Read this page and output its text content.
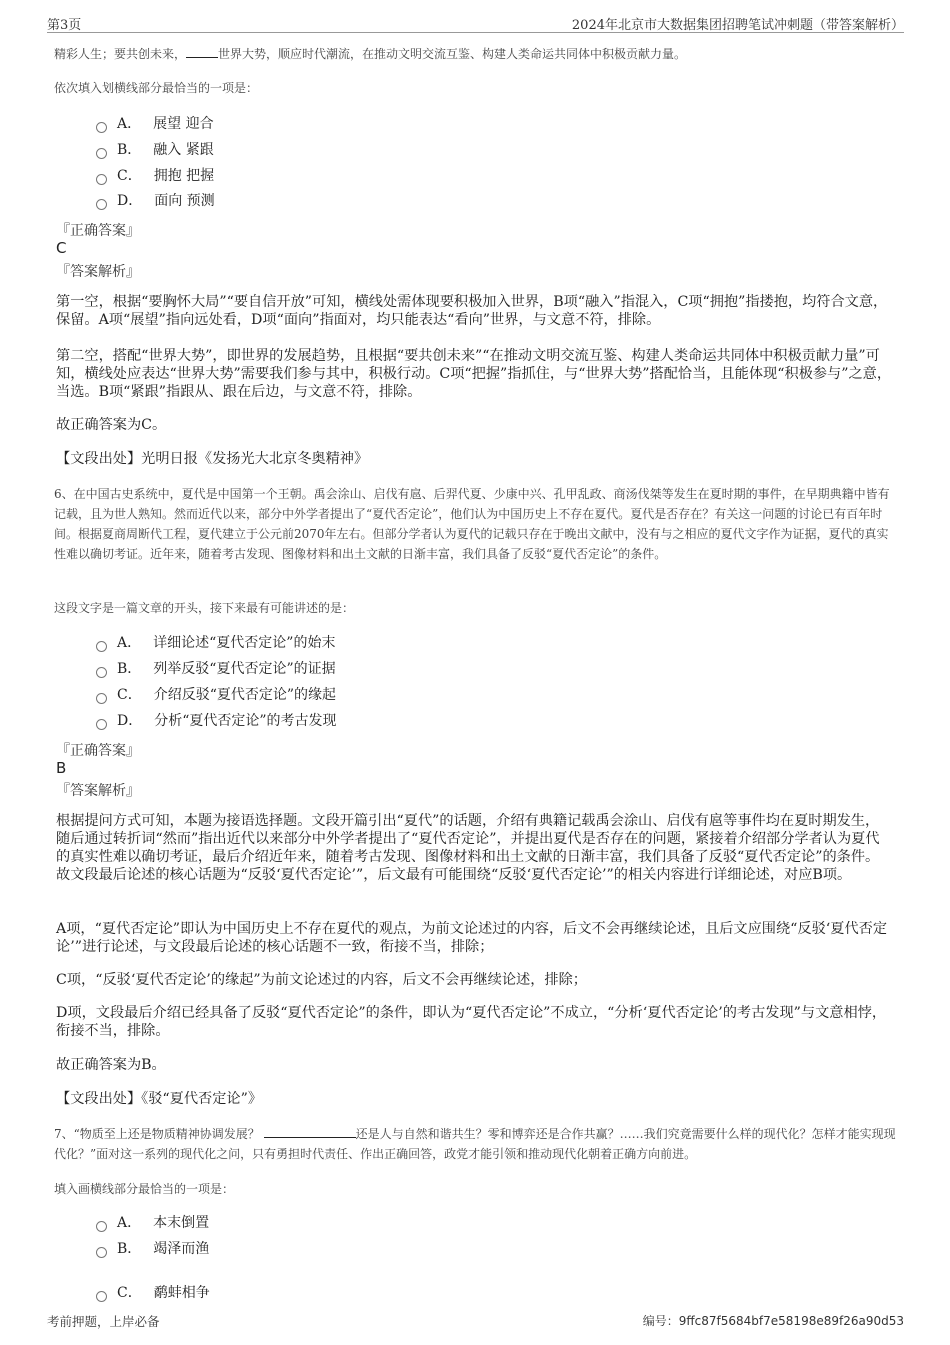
第3页	2024年北京市大数据集团招聘笔试冲刺题（带答案解析）
精彩人生；要共创未来，	世界大势，顺应时代潮流，在推动文明交流互鉴、构建人类命运共同体中积极贡献力量。
依次填入划横线部分最恰当的一项是：
A． 展望 迎合
B． 融入 紧跟
C． 拥抱 把握
D． 面向 预测
『正确答案』
C
『答案解析』
第一空，根据“要胸怀大局”“要自信开放”可知，横线处需体现要积极加入世界，B项“融入”指混入，C项“拥抱”指搂抱，均符合文意，保留。A项“展望”指向远处看，D项“面向”指面对，均只能表达“看向”世界，与文意不符，排除。
第二空，搭配“世界大势”，即世界的发展趋势，且根据“要共创未来”“在推动文明交流互鉴、构建人类命运共同体中积极贡献力量”可知，横线处应表达“世界大势”需要我们参与其中，积极行动。C项“把握”指抓住，与“世界大势”搭配恰当，且能体现“积极参与”之意，当选。B项“紧跟”指跟从、跟在后边，与文意不符，排除。
故正确答案为C。
【文段出处】光明日报《发扬光大北京冬奥精神》
6、在中国古史系统中，夏代是中国第一个王朝。禹会涂山、启伐有扈、后羿代夏、少康中兴、孔甲乱政、商汤伐桀等发生在夏时期的事件，在早期典籍中皆有记载，且为世人熟知。然而近代以来，部分中外学者提出了“夏代否定论”，他们认为中国历史上不存在夏代。夏代是否存在？有关这一问题的讨论已有百年时间。根据夏商周断代工程，夏代建立于公元前2070年左右。但部分学者认为夏代的记载只存在于晚出文献中，没有与之相应的夏代文字作为证据，夏代的真实性难以确切考证。近年来，随着考古发现、图像材料和出土文献的日渐丰富，我们具备了反驳“夏代否定论”的条件。
这段文字是一篇文章的开头，接下来最有可能讲述的是：
A． 详细论述“夏代否定论”的始末
B． 列举反驳“夏代否定论”的证据
C． 介绍反驳“夏代否定论”的缘起
D． 分析“夏代否定论”的考古发现
『正确答案』
B
『答案解析』
根据提问方式可知，本题为接语选择题。文段开篇引出“夏代”的话题，介绍有典籍记载禹会涂山、启伐有扈等事件均在夏时期发生，随后通过转折词“然而”指出近代以来部分中外学者提出了“夏代否定论”，并提出夏代是否存在的问题，紧接着介绍部分学者认为夏代的真实性难以确切考证，最后介绍近年来，随着考古发现、图像材料和出土文献的日渐丰富，我们具备了反驳“夏代否定论”的条件。故文段最后论述的核心话题为“反驳‘夏代否定论’”，后文最有可能围绕“反驳‘夏代否定论’”的相关内容进行详细论述，对应B项。
A项，“夏代否定论”即认为中国历史上不存在夏代的观点，为前文论述过的内容，后文不会再继续论述，且后文应围绕“反驳‘夏代否定论’”进行论述，与文段最后论述的核心话题不一致，衔接不当，排除；
C项，“反驳‘夏代否定论’的缘起”为前文论述过的内容，后文不会再继续论述，排除；
D项，文段最后介绍已经具备了反驳“夏代否定论”的条件，即认为“夏代否定论”不成立，“分析‘夏代否定论’的考古发现”与文意相悖，衔接不当，排除。
故正确答案为B。
【文段出处】《驳“夏代否定论”》
7、“物质至上还是物质精神协调发展？	还是人与自然和谐共生？零和博弈还是合作共赢？……我们究竟需要什么样的现代化？怎样才能实现现代化？”面对这一系列的现代化之问，只有勇担时代责任、作出正确回答，政党才能引领和推动现代化朝着正确方向前进。
填入画横线部分最恰当的一项是：
A． 本末倒置
B． 竭泽而渔
C． 鹬蚌相争
考前押题，上岸必备	编号：9ffc87f5684bf7e58198e89f26a90d53
